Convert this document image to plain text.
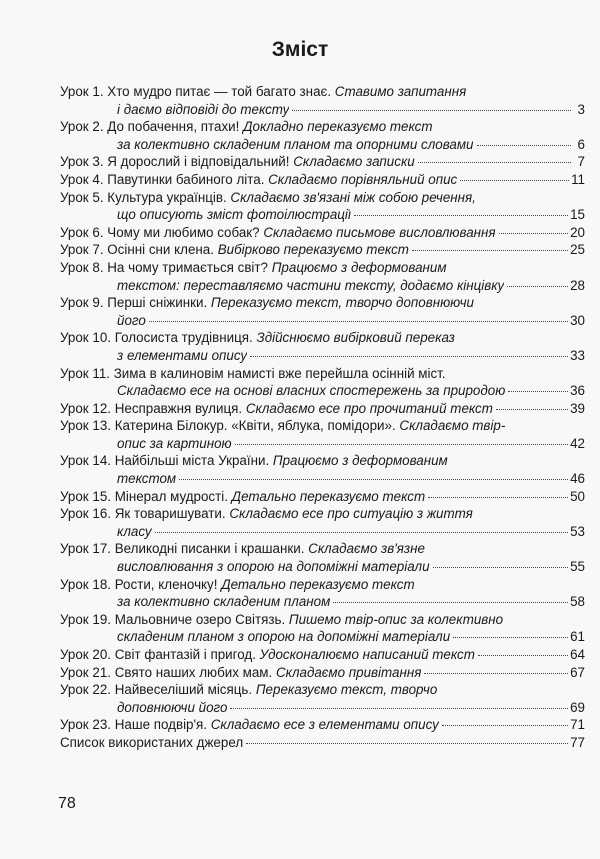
Зміст
Урок 1. Хто мудро питає — той багато знає. Ставимо запитання
і даємо відповіді до тексту	3
Урок 2. До побачення, птахи! Докладно переказуємо текст
за колективно складеним планом та опорними словами	6
Урок 3. Я дорослий і відповідальний! Складаємо записки	7
Урок 4. Павутинки бабиного літа. Складаємо порівняльний опис	11
Урок 5. Культура українців. Складаємо зв'язані між собою речення,
що описують зміст фотоілюстрації	15
Урок 6. Чому ми любимо собак? Складаємо письмове висловлювання	20
Урок 7. Осінні сни клена. Вибірково переказуємо текст	25
Урок 8. На чому тримається світ? Працюємо з деформованим
текстом: переставляємо частини тексту, додаємо кінцівку	28
Урок 9. Перші сніжинки. Переказуємо текст, творчо доповнюючи
його	30
Урок 10. Голосиста трудівниця. Здійснюємо вибірковий переказ
з елементами опису	33
Урок 11. Зима в калиновім намисті вже перейшла осінній міст.
Складаємо есе на основі власних спостережень за природою	36
Урок 12. Несправжня вулиця. Складаємо есе про прочитаний текст	39
Урок 13. Катерина Білокур. «Квіти, яблука, помідори». Складаємо твір-
опис за картиною	42
Урок 14. Найбільші міста України. Працюємо з деформованим
текстом	46
Урок 15. Мінерал мудрості. Детально переказуємо текст	50
Урок 16. Як товаришувати. Складаємо есе про ситуацію з життя
класу	53
Урок 17. Великодні писанки і крашанки. Складаємо зв'язне
висловлювання з опорою на допоміжні матеріали	55
Урок 18. Рости, кленочку! Детально переказуємо текст
за колективно складеним планом	58
Урок 19. Мальовниче озеро Світязь. Пишемо твір-опис за колективно
складеним планом з опорою на допоміжні матеріали	61
Урок 20. Світ фантазій і пригод. Удосконалюємо написаний текст	64
Урок 21. Свято наших любих мам. Складаємо привітання	67
Урок 22. Найвеселіший місяць. Переказуємо текст, творчо
доповнюючи його	69
Урок 23. Наше подвір'я. Складаємо есе з елементами опису	71
Список використаних джерел	77
78
